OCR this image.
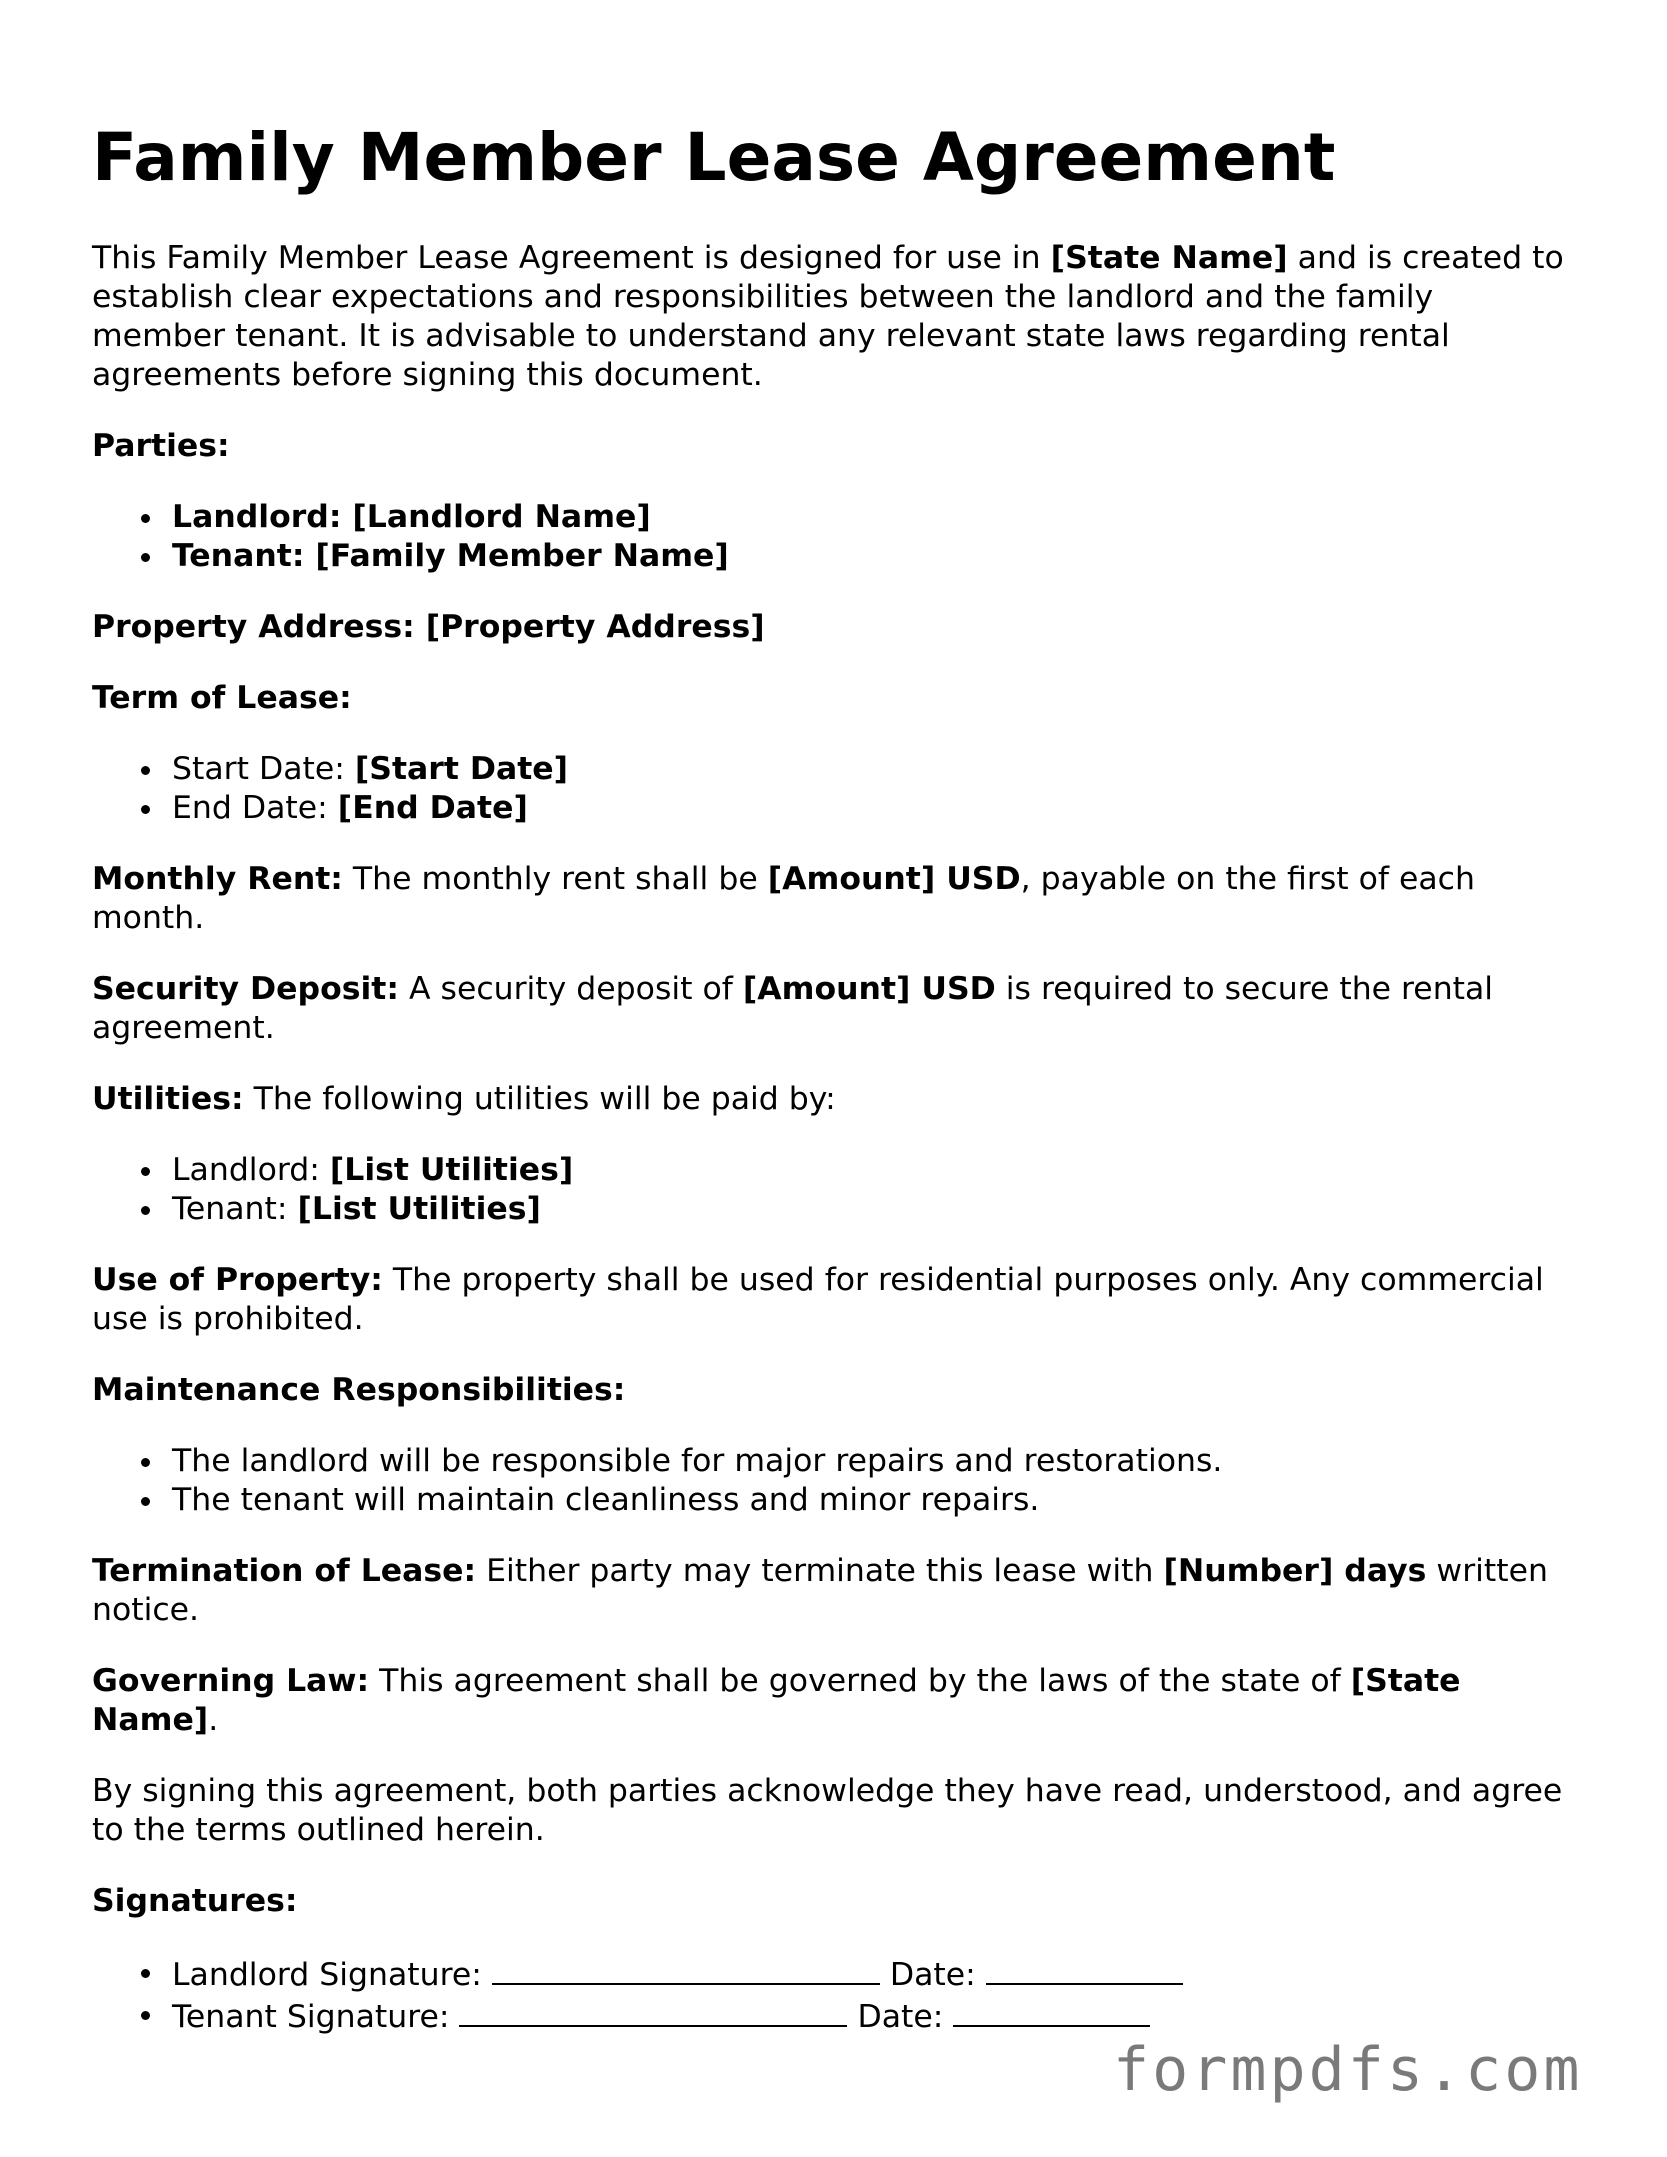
Family Member Lease Agreement

This Family Member Lease Agreement is designed for use in [State Name] and is created to establish clear expectations and responsibilities between the landlord and the family member tenant. It is advisable to understand any relevant state laws regarding rental agreements before signing this document.

Parties:

Landlord: [Landlord Name]
Tenant: [Family Member Name]

Property Address: [Property Address]

Term of Lease:

Start Date: [Start Date]
End Date: [End Date]

Monthly Rent: The monthly rent shall be [Amount] USD, payable on the first of each month.

Security Deposit: A security deposit of [Amount] USD is required to secure the rental agreement.

Utilities: The following utilities will be paid by:

Landlord: [List Utilities]
Tenant: [List Utilities]

Use of Property: The property shall be used for residential purposes only. Any commercial use is prohibited.

Maintenance Responsibilities:

The landlord will be responsible for major repairs and restorations.
The tenant will maintain cleanliness and minor repairs.

Termination of Lease: Either party may terminate this lease with [Number] days written notice.

Governing Law: This agreement shall be governed by the laws of the state of [State Name].

By signing this agreement, both parties acknowledge they have read, understood, and agree to the terms outlined herein.

Signatures:

Landlord Signature:	Date:
Tenant Signature:	Date:
formpdfs.com
